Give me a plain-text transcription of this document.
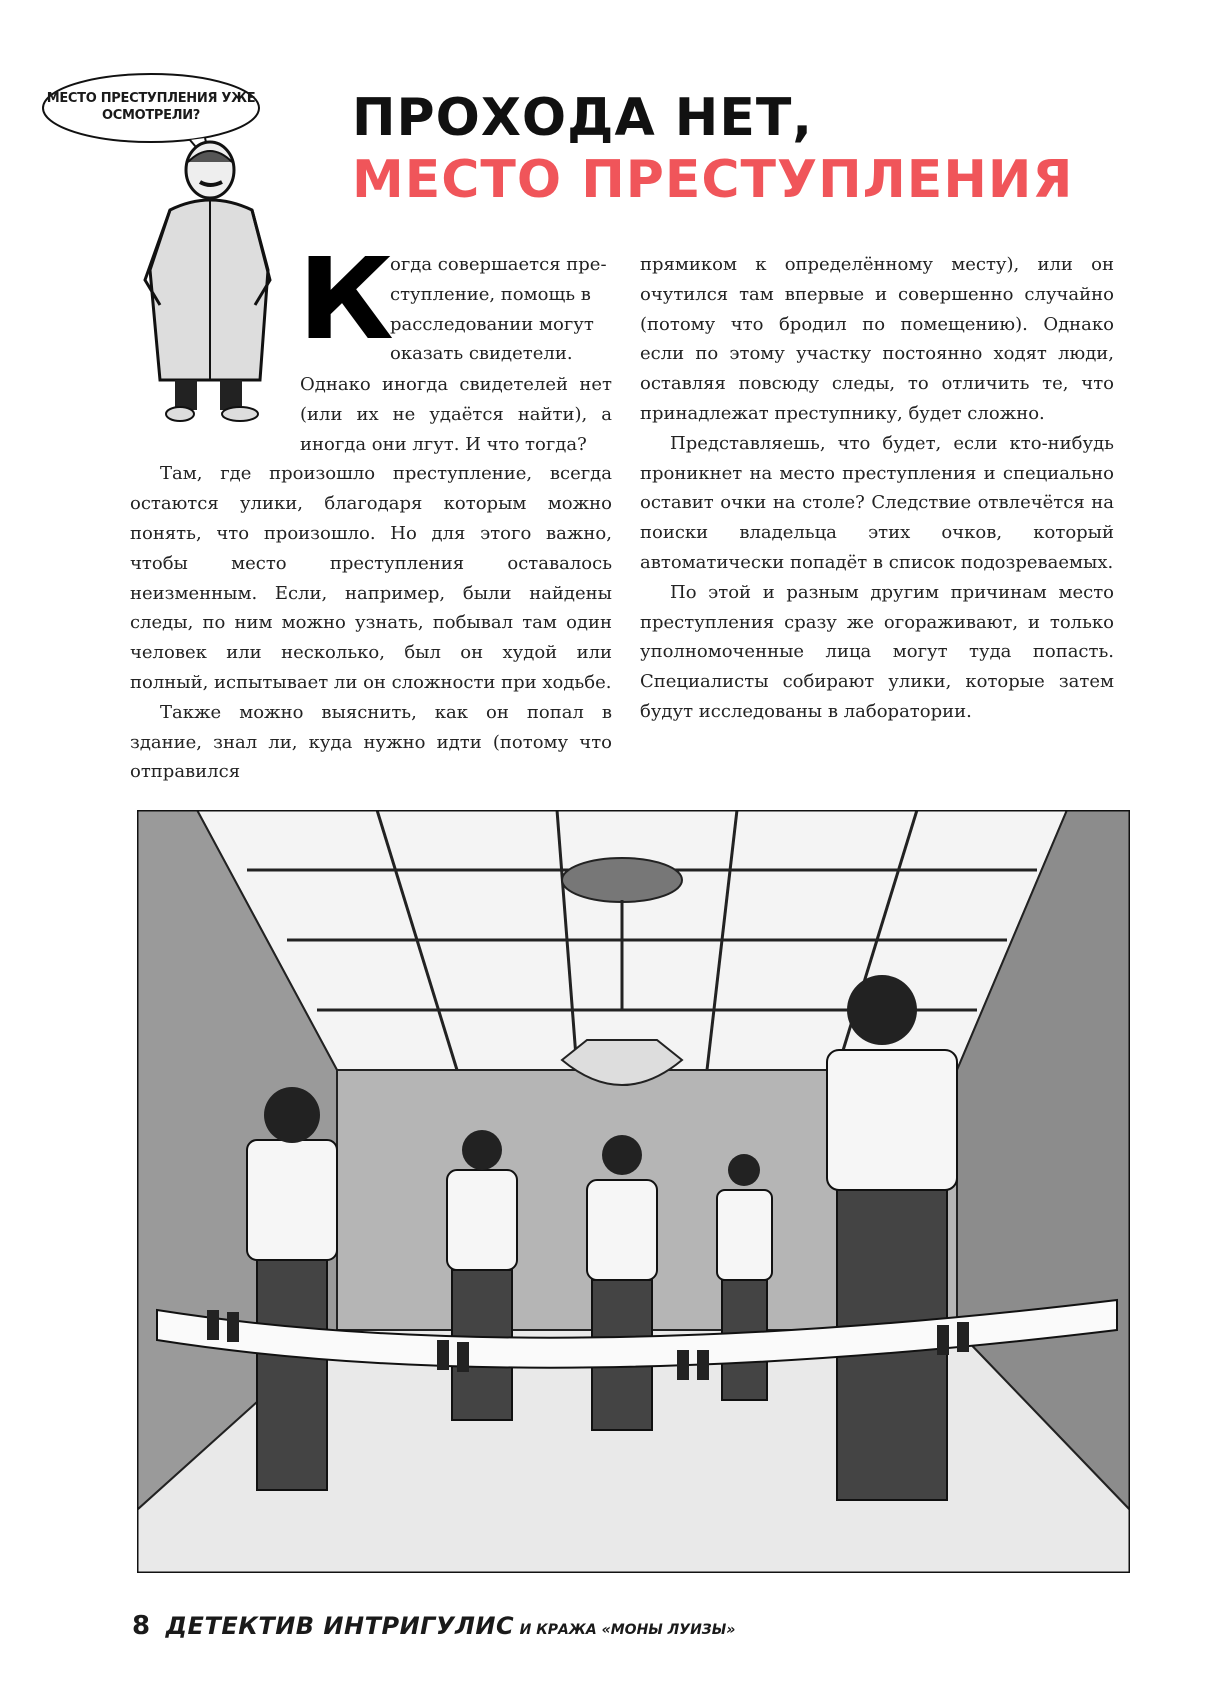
МЕСТО ПРЕСТУПЛЕНИЯ УЖЕ ОСМОТРЕЛИ?	ПРОХОДА НЕТ,
МЕСТО ПРЕСТУПЛЕНИЯ
К

огда совершается преступление, помощь в расследовании могут оказать свидетели.

Однако иногда свидетелей нет (или их не удаётся найти), а иногда они лгут. И что тогда?

Там, где произошло преступление, всегда остаются улики, благодаря которым можно понять, что произошло. Но для этого важно, чтобы место преступления оставалось неизменным. Если, например, были найдены следы, по ним можно узнать, побывал там один человек или несколько, был он худой или полный, испытывает ли он сложности при ходьбе.

Также можно выяснить, как он попал в здание, знал ли, куда нужно идти (потому что отправился

прямиком к определённому месту), или он очутился там впервые и совершенно случайно (потому что бродил по помещению). Однако если по этому участку постоянно ходят люди, оставляя повсюду следы, то отличить те, что принадлежат преступнику, будет сложно.

Представляешь, что будет, если кто-нибудь проникнет на место преступления и специально оставит очки на столе? Следствие отвлечётся на поиски владельца этих очков, который автоматически попадёт в список подозреваемых.

По этой и разным другим причинам место преступления сразу же огораживают, и только уполномоченные лица могут туда попасть. Специалисты собирают улики, которые затем будут исследованы в лаборатории.

8 ДЕТЕКТИВ ИНТРИГУЛИС И КРАЖА «МОНЫ ЛУИЗЫ»
